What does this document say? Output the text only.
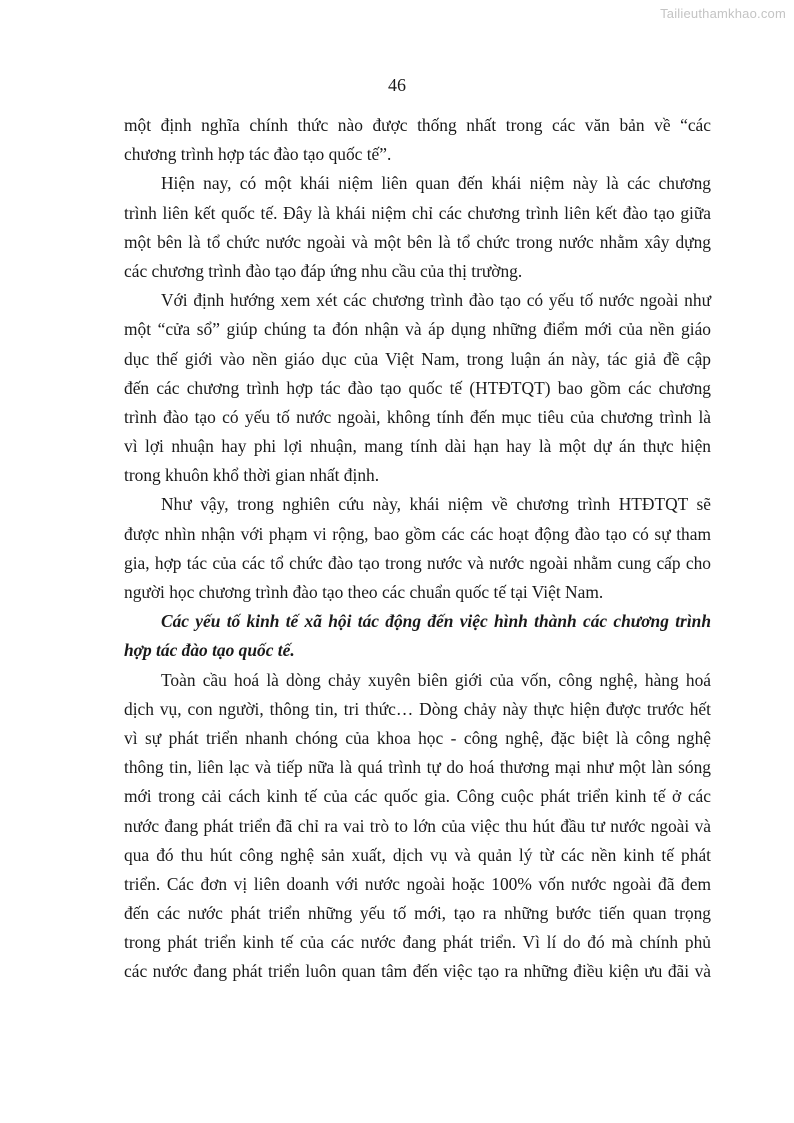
Tailieuthamkhao.com
46
một định nghĩa chính thức nào được thống nhất trong các văn bản về “các
chương trình hợp tác đào tạo quốc tế”.
Hiện nay, có một khái niệm liên quan đến khái niệm này là các chương
trình liên kết quốc tế. Đây là khái niệm chỉ các chương trình liên kết đào tạo giữa
một bên là tổ chức nước ngoài và một bên là tổ chức trong nước nhằm xây dựng
các chương trình đào tạo đáp ứng nhu cầu của thị trường.
Với định hướng xem xét các chương trình đào tạo có yếu tố nước ngoài như
một “cửa sổ” giúp chúng ta đón nhận và áp dụng những điểm mới của nền giáo
dục thế giới vào nền giáo dục của Việt Nam, trong luận án này, tác giả đề cập
đến các chương trình hợp tác đào tạo quốc tế (HTĐTQT) bao gồm các chương
trình đào tạo có yếu tố nước ngoài, không tính đến mục tiêu của chương trình là
vì lợi nhuận hay phi lợi nhuận, mang tính dài hạn hay là một dự án thực hiện
trong khuôn khổ thời gian nhất định.
Như vậy, trong nghiên cứu này, khái niệm về chương trình HTĐTQT sẽ
được nhìn nhận với phạm vi rộng, bao gồm các các hoạt động đào tạo có sự tham
gia, hợp tác của các tổ chức đào tạo trong nước và nước ngoài nhằm cung cấp cho
người học chương trình đào tạo theo các chuẩn quốc tế tại Việt Nam.
Các yếu tố kinh tế xã hội tác động đến việc hình thành các chương trình
hợp tác đào tạo quốc tế.
Toàn cầu hoá là dòng chảy xuyên biên giới của vốn, công nghệ, hàng hoá
dịch vụ, con người, thông tin, tri thức… Dòng chảy này thực hiện được trước hết
vì sự phát triển nhanh chóng của khoa học - công nghệ, đặc biệt là công nghệ
thông tin, liên lạc và tiếp nữa là quá trình tự do hoá thương mại như một làn sóng
mới trong cải cách kinh tế của các quốc gia. Công cuộc phát triển kinh tế ở các
nước đang phát triển đã chỉ ra vai trò to lớn của việc thu hút đầu tư nước ngoài và
qua đó thu hút công nghệ sản xuất, dịch vụ và quản lý từ các nền kinh tế phát
triển. Các đơn vị liên doanh với nước ngoài hoặc 100% vốn nước ngoài đã đem
đến các nước phát triển những yếu tố mới, tạo ra những bước tiến quan trọng
trong phát triển kinh tế của các nước đang phát triển. Vì lí do đó mà chính phủ
các nước đang phát triển luôn quan tâm đến việc tạo ra những điều kiện ưu đãi và
